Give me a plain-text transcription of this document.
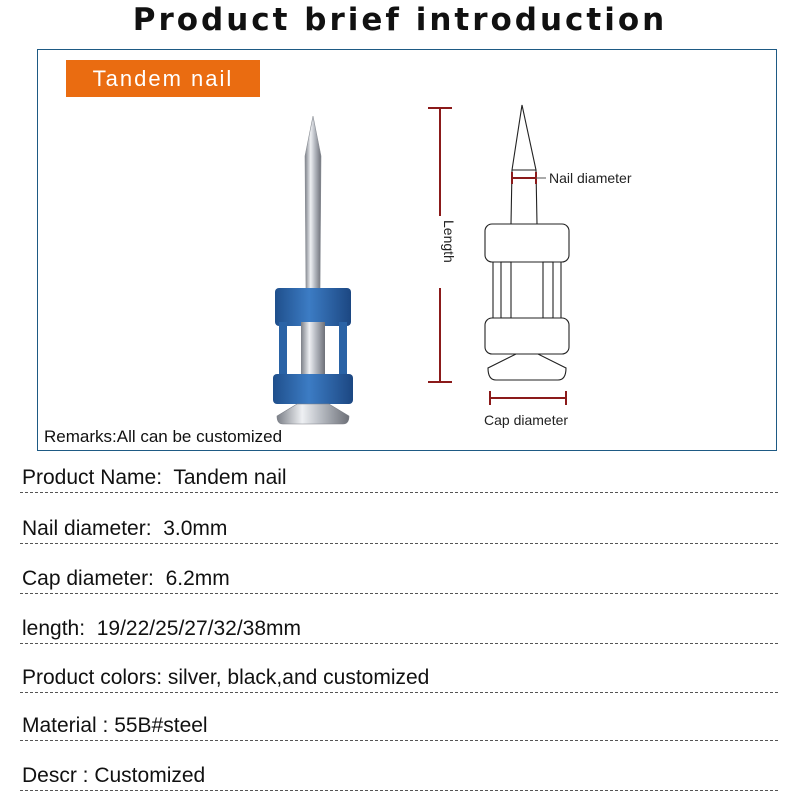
Product brief introduction
Tandem nail
Length
Nail diameter
Cap diameter
Remarks:All can be customized
Product Name:  Tandem nail
Nail diameter:  3.0mm
Cap diameter:  6.2mm
length:  19/22/25/27/32/38mm
Product colors: silver, black,and customized
Material : 55B#steel
Descr : Customized
